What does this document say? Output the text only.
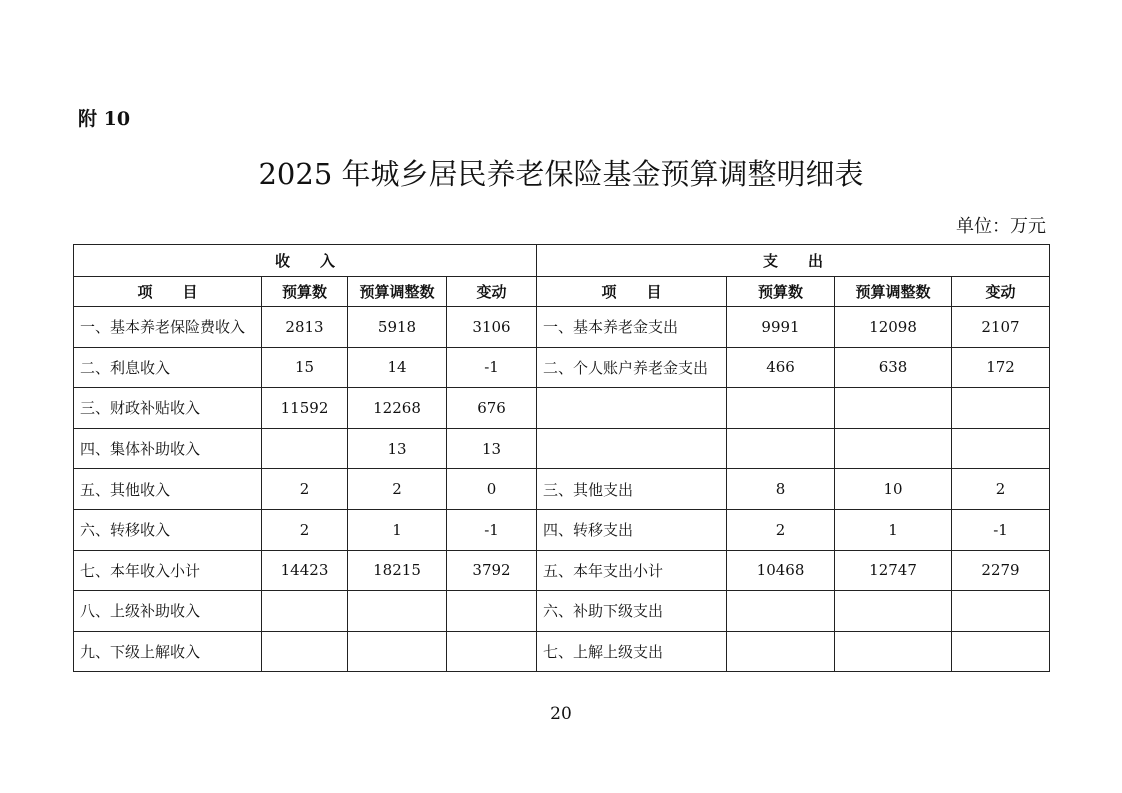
附 10
2025 年城乡居民养老保险基金预算调整明细表
单位：万元
收　　入				支　　出			
项　　目	预算数	预算调整数	变动	项　　目	预算数	预算调整数	变动
一、基本养老保险费收入	2813	5918	3106	一、基本养老金支出	9991	12098	2107
二、利息收入	15	14	-1	二、个人账户养老金支出	466	638	172
三、财政补贴收入	11592	12268	676				
四、集体补助收入		13	13				
五、其他收入	2	2	0	三、其他支出	8	10	2
六、转移收入	2	1	-1	四、转移支出	2	1	-1
七、本年收入小计	14423	18215	3792	五、本年支出小计	10468	12747	2279
八、上级补助收入				六、补助下级支出			
九、下级上解收入				七、上解上级支出			
20
